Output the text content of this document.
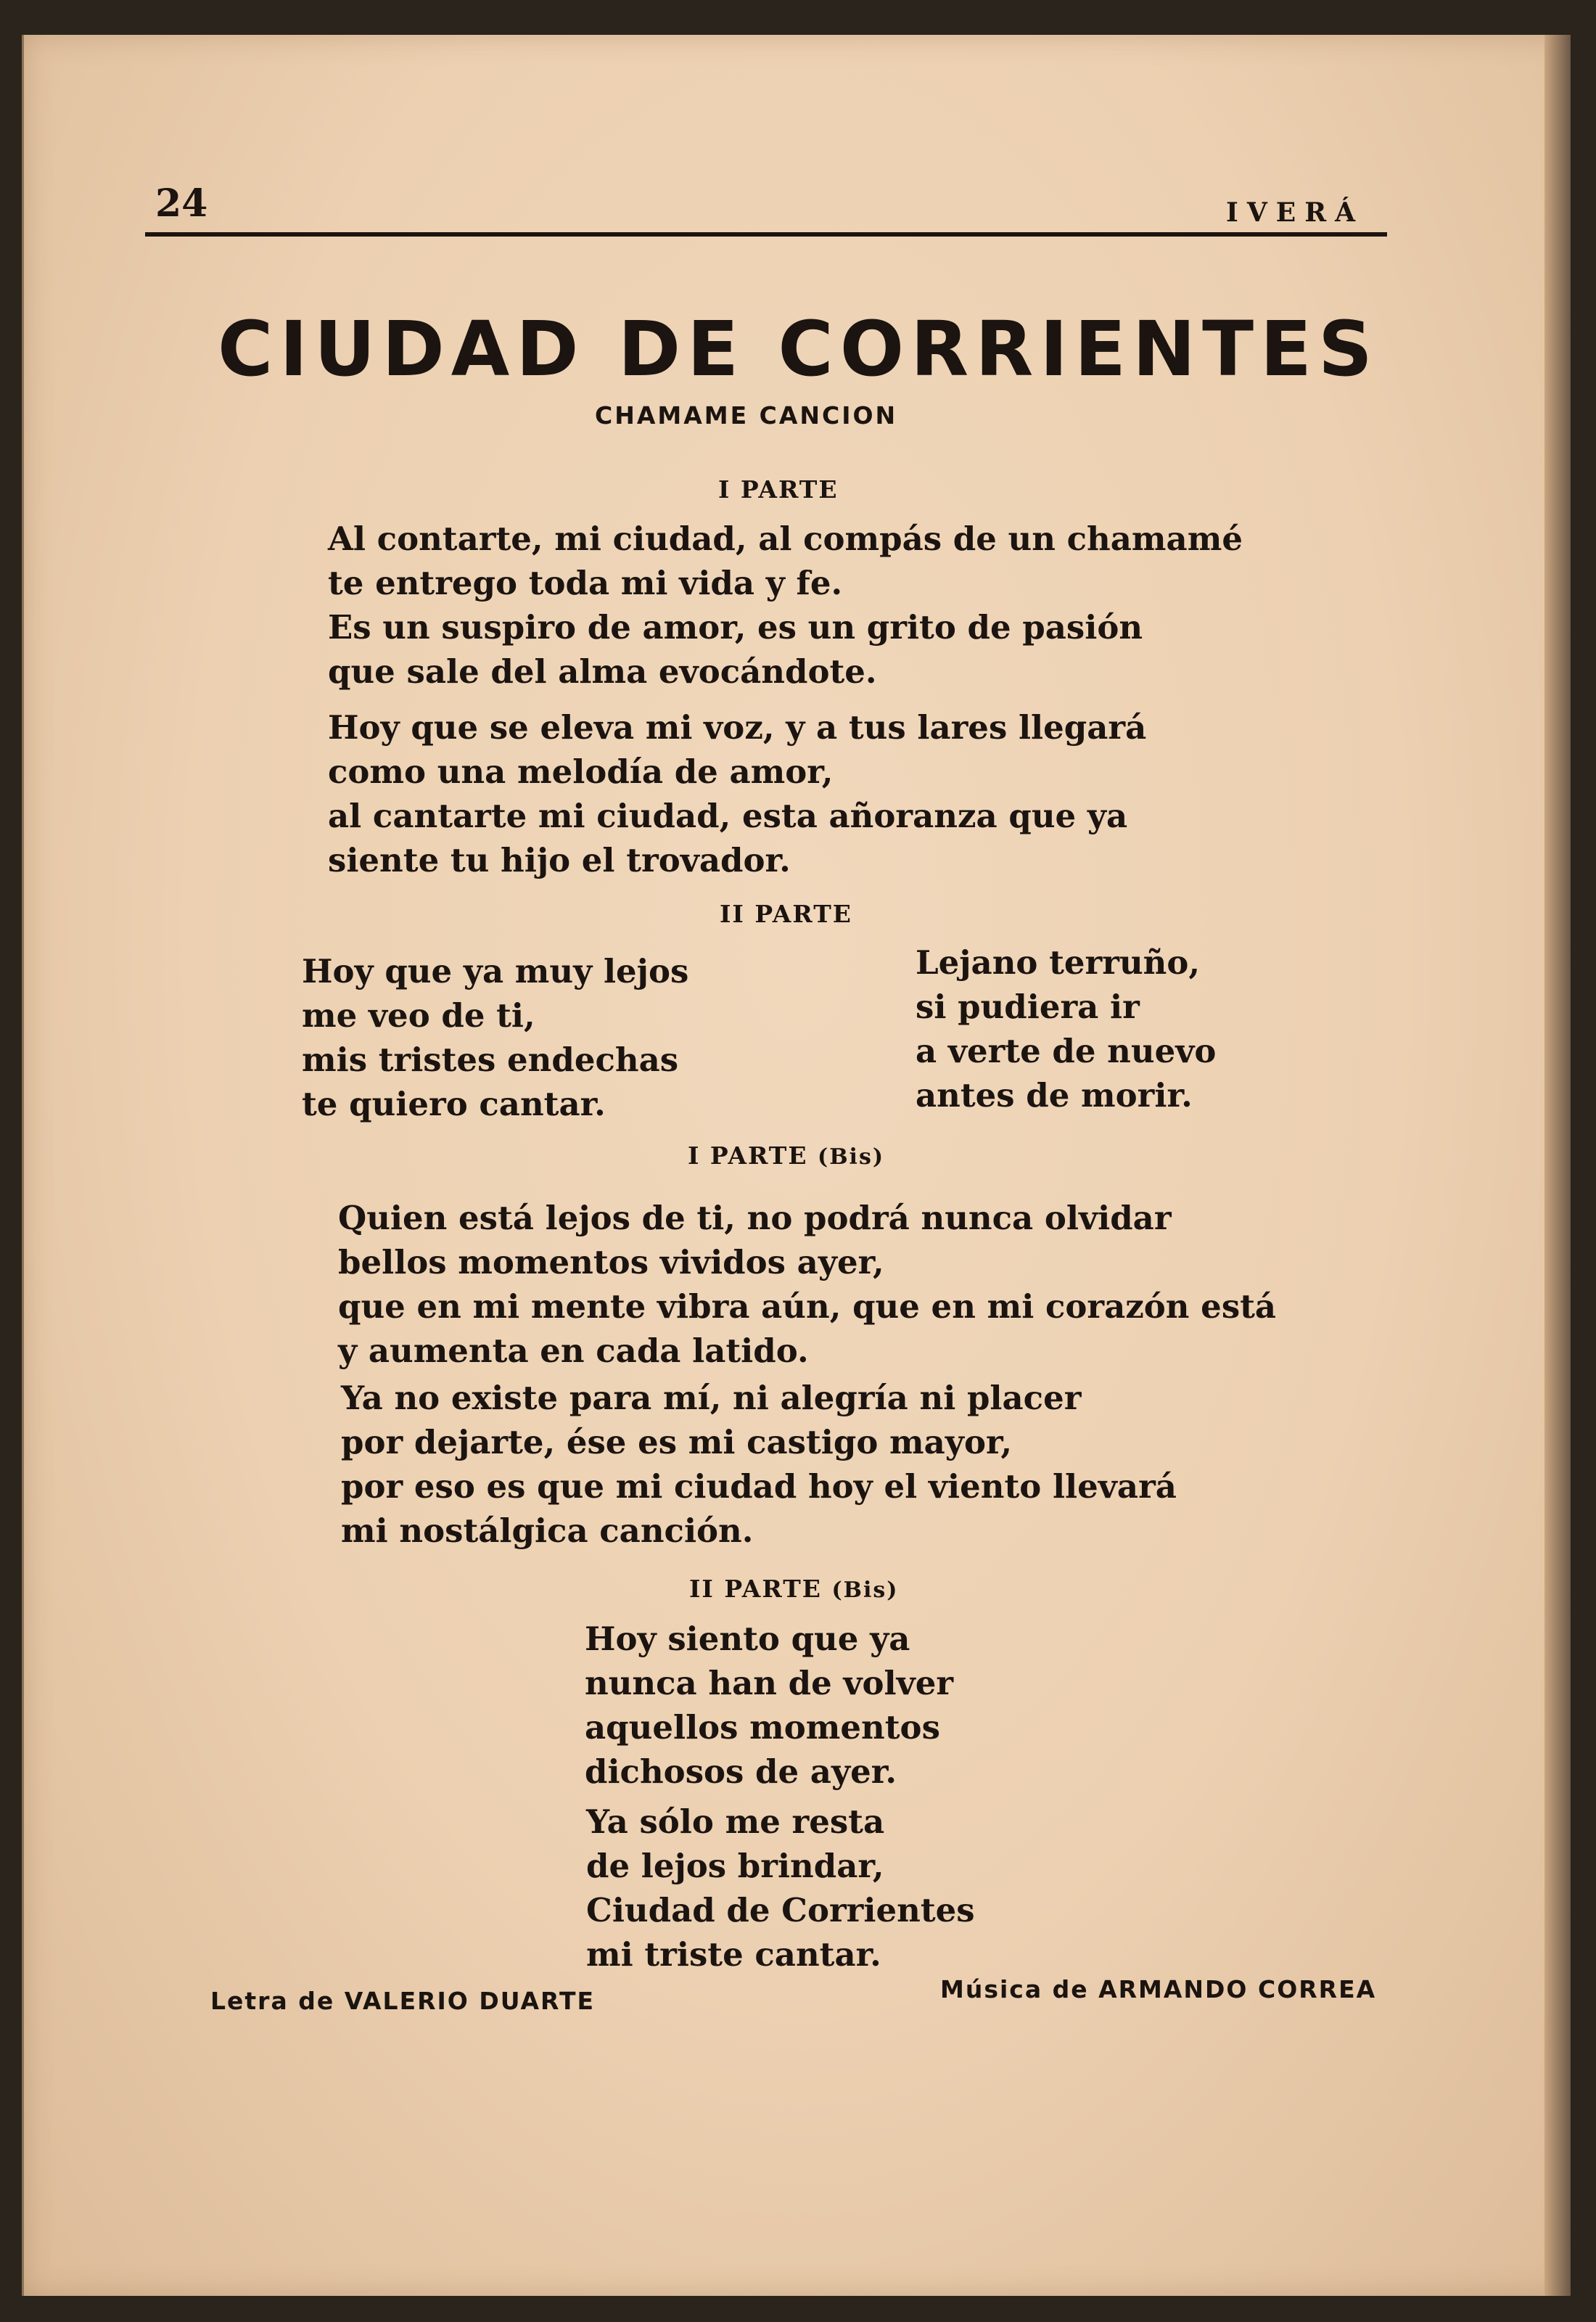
24	IVERÁ
CIUDAD DE CORRIENTES
CHAMAME CANCION
I PARTE
Al contarte, mi ciudad, al compás de un chamamé
te entrego toda mi vida y fe.
Es un suspiro de amor, es un grito de pasión
que sale del alma evocándote.
Hoy que se eleva mi voz, y a tus lares llegará
como una melodía de amor,
al cantarte mi ciudad, esta añoranza que ya
siente tu hijo el trovador.
II PARTE
Hoy que ya muy lejos
me veo de ti,
mis tristes endechas
te quiero cantar.
Lejano terruño,
si pudiera ir
a verte de nuevo
antes de morir.
I PARTE (Bis)
Quien está lejos de ti, no podrá nunca olvidar
bellos momentos vividos ayer,
que en mi mente vibra aún, que en mi corazón está
y aumenta en cada latido.
Ya no existe para mí, ni alegría ni placer
por dejarte, ése es mi castigo mayor,
por eso es que mi ciudad hoy el viento llevará
mi nostálgica canción.
II PARTE (Bis)
Hoy siento que ya
nunca han de volver
aquellos momentos
dichosos de ayer.
Ya sólo me resta
de lejos brindar,
Ciudad de Corrientes
mi triste cantar.
Letra de VALERIO DUARTE	Música de ARMANDO CORREA
